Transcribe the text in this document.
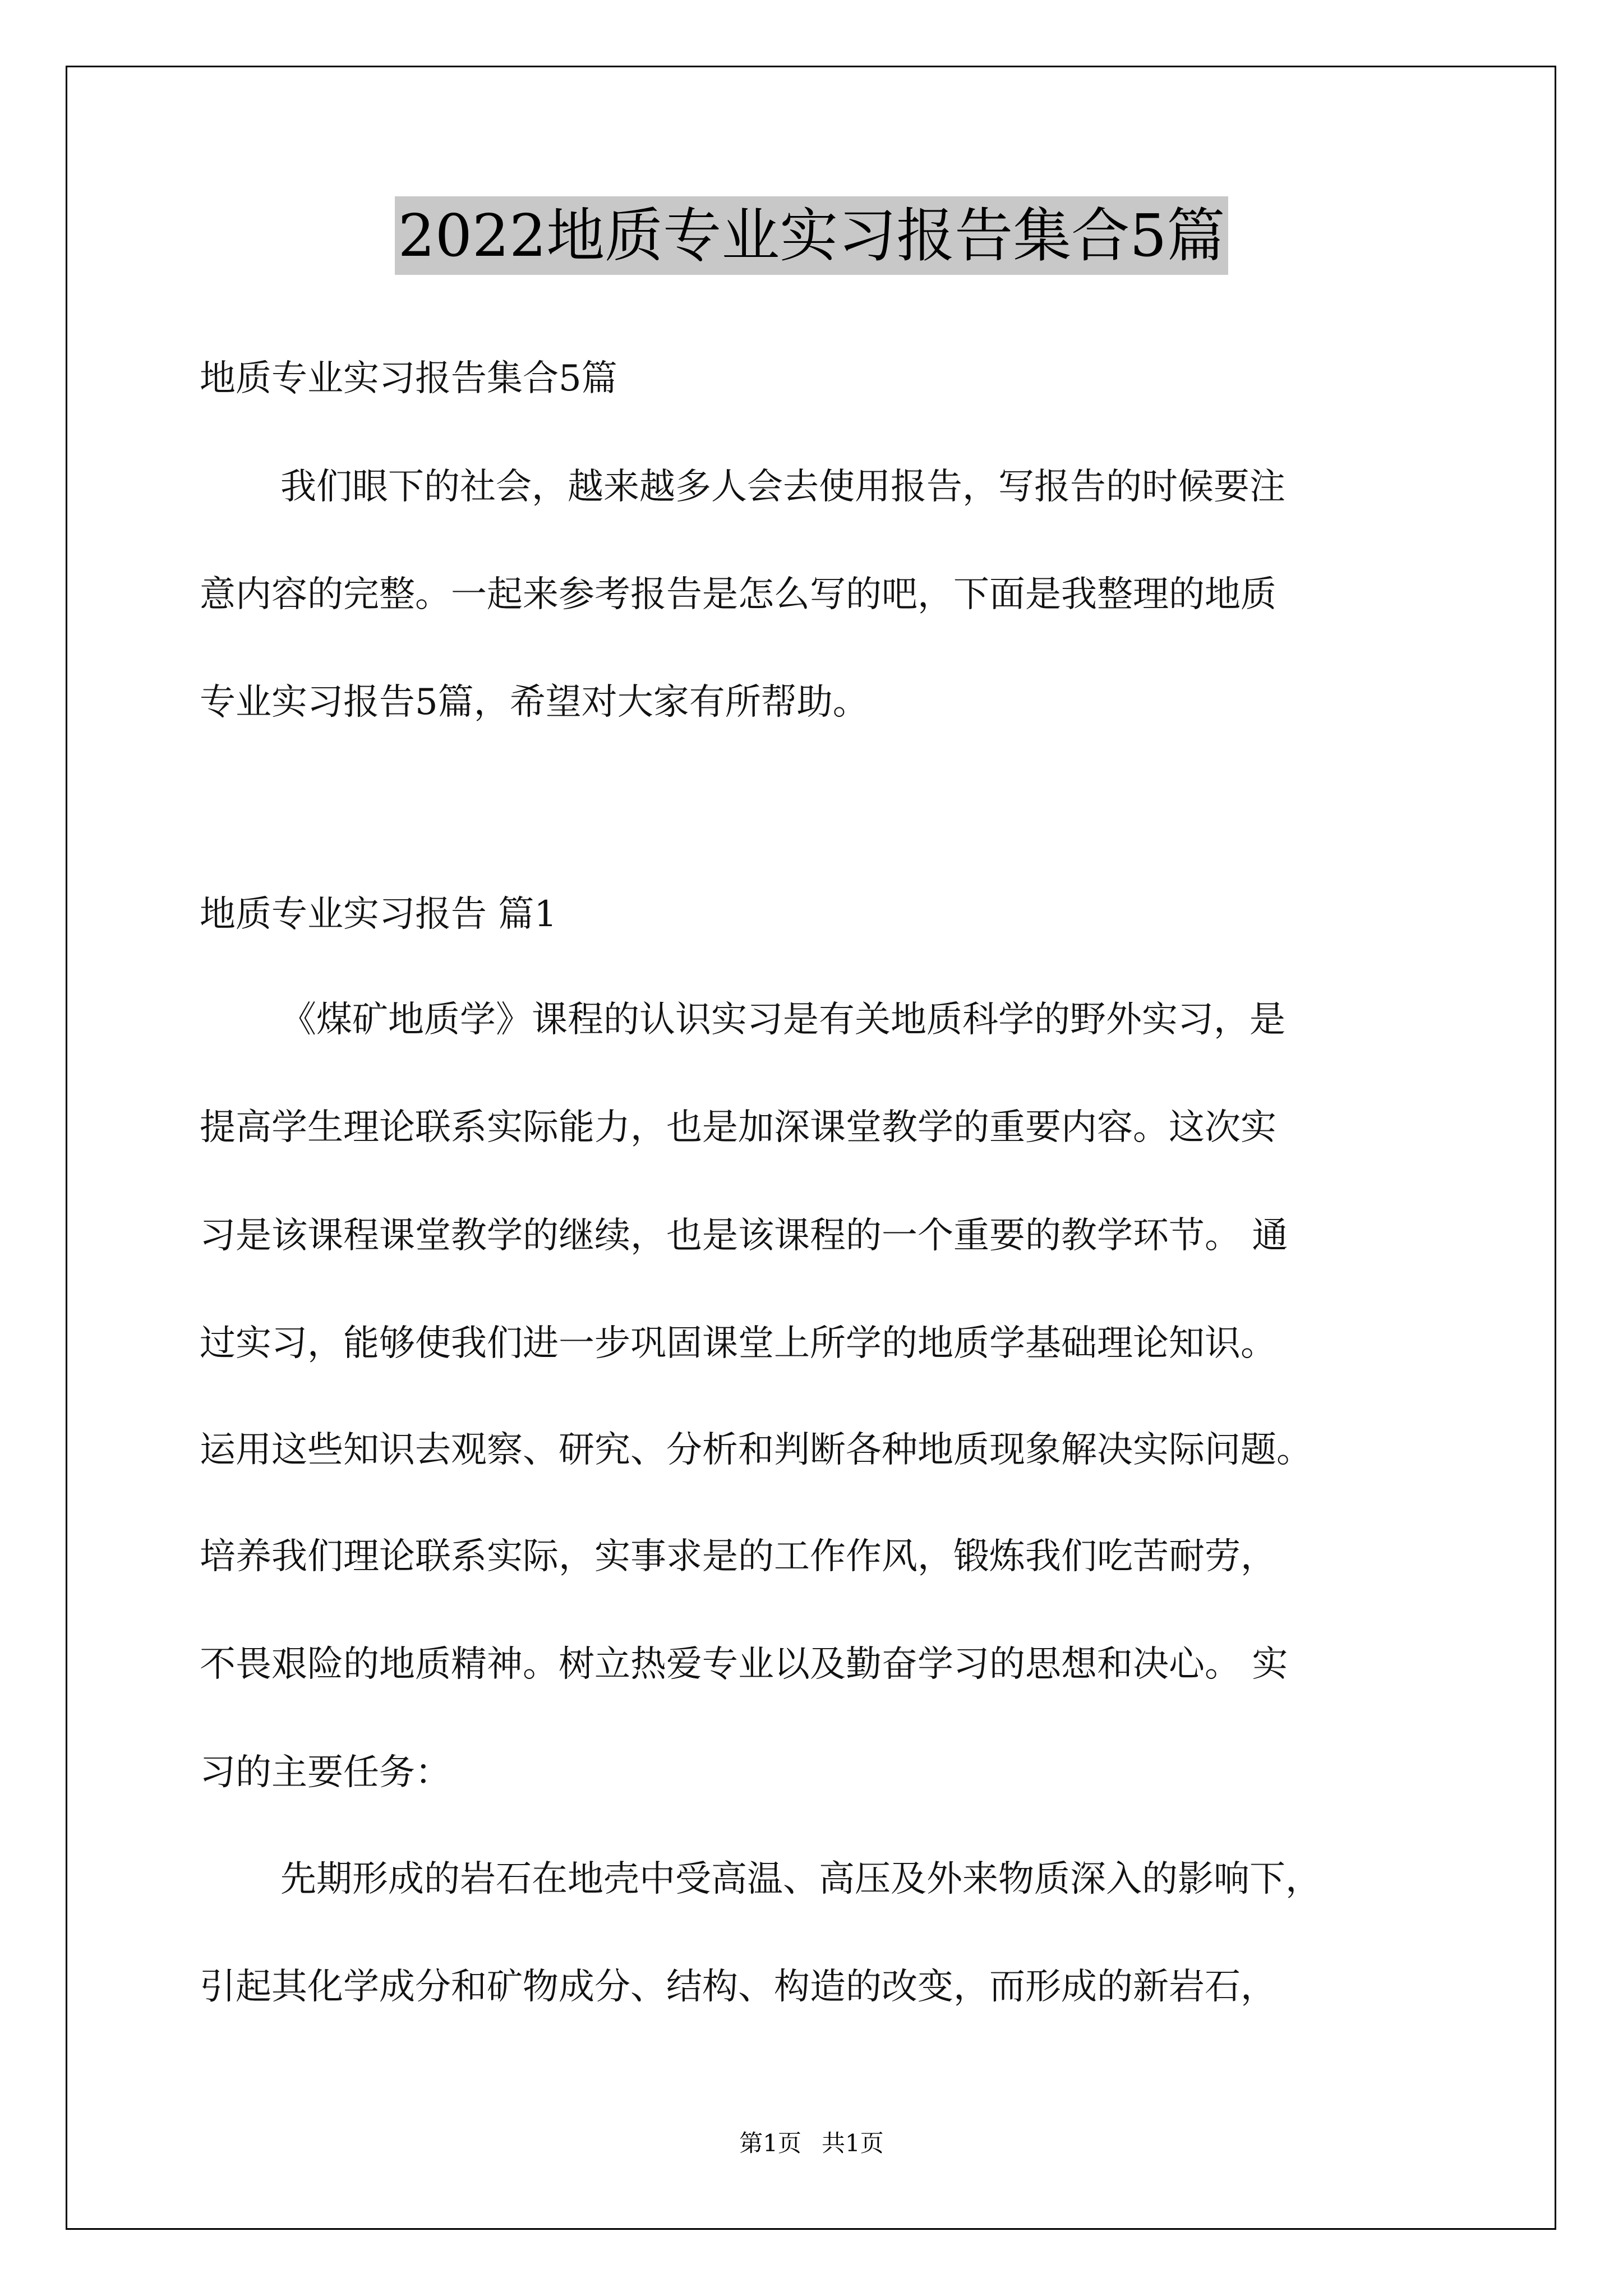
2022地质专业实习报告集合5篇
地质专业实习报告集合5篇
我们眼下的社会，越来越多人会去使用报告，写报告的时候要注
意内容的完整。一起来参考报告是怎么写的吧，下面是我整理的地质
专业实习报告5篇，希望对大家有所帮助。
地质专业实习报告 篇1
《煤矿地质学》课程的认识实习是有关地质科学的野外实习，是
提高学生理论联系实际能力，也是加深课堂教学的重要内容。这次实
习是该课程课堂教学的继续，也是该课程的一个重要的教学环节。 通
过实习，能够使我们进一步巩固课堂上所学的地质学基础理论知识。
运用这些知识去观察、研究、分析和判断各种地质现象解决实际问题。
培养我们理论联系实际，实事求是的工作作风，锻炼我们吃苦耐劳，
不畏艰险的地质精神。树立热爱专业以及勤奋学习的思想和决心。 实
习的主要任务：
先期形成的岩石在地壳中受高温、高压及外来物质深入的影响下，
引起其化学成分和矿物成分、结构、构造的改变，而形成的新岩石，
第1页 共1页
